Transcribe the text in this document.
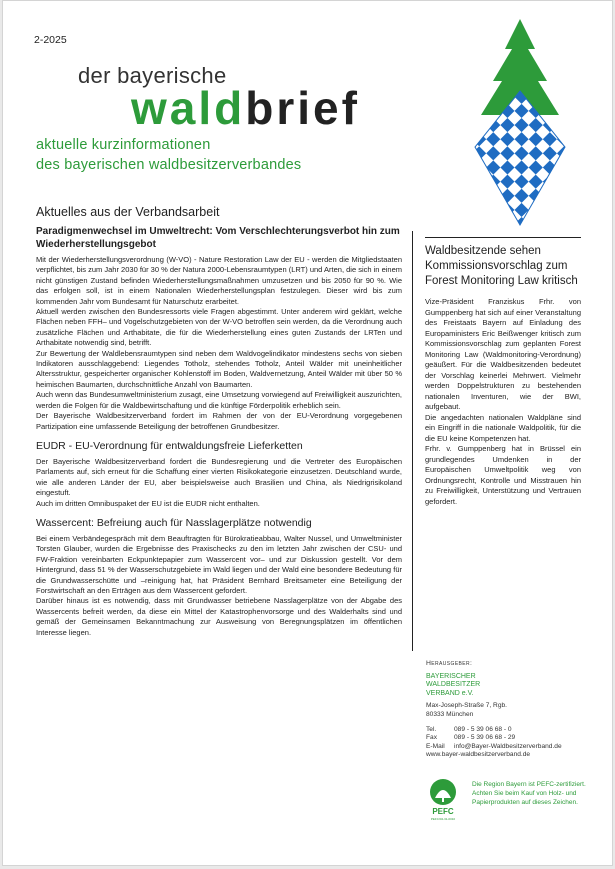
2-2025
der bayerische
waldbrief
aktuelle kurzinformationen
des bayerischen waldbesitzerverbandes
Aktuelles aus der Verbandsarbeit
Paradigmenwechsel im Umweltrecht: Vom Verschlechterungsverbot hin zum Wiederherstellungsgebot

Mit der Wiederherstellungsverordnung (W-VO) - Nature Restoration Law der EU - werden die Mitgliedstaaten verpflichtet, bis zum Jahr 2030 für 30 % der Natura 2000-Lebensraumtypen (LRT) und Arten, die sich in einem nicht günstigen Zustand befinden Wiederherstellungsmaßnahmen umzusetzen und bis 2050 für 90 %. Wie das erfolgen soll, ist in einem Nationalen Wiederherstellungsplan festzulegen. Dieser wird bis zum kommenden Jahr vom Bundesamt für Naturschutz erarbeitet.

Aktuell werden zwischen den Bundesressorts viele Fragen abgestimmt. Unter anderem wird geklärt, welche Flächen neben FFH– und Vogelschutzgebieten von der W-VO betroffen sein werden, da die Verordnung auch zusätzliche Flächen und Arthabitate, die für die Wiederherstellung eines guten Zustands der LRTen und Arthabitate notwendig sind, betrifft.

Zur Bewertung der Waldlebensraumtypen sind neben dem Waldvogelindikator mindestens sechs von sieben Indikatoren ausschlaggebend: Liegendes Totholz, stehendes Totholz, Anteil Wälder mit uneinheitlicher Altersstruktur, gespeicherter organischer Kohlenstoff im Boden, Waldvernetzung, Anteil Wälder mit über 50 % heimischen Baumarten, durchschnittliche Anzahl von Baumarten.

Auch wenn das Bundesumweltministerium zusagt, eine Umsetzung vorwiegend auf Freiwilligkeit auszurichten, werden die Folgen für die Waldbewirtschaftung und die künftige Förderpolitik erheblich sein.

Der Bayerische Waldbesitzerverband fordert im Rahmen der von der EU-Verordnung vorgegebenen Partizipation eine umfassende Beteiligung der betroffenen Grundbesitzer.

EUDR - EU-Verordnung für entwaldungsfreie Lieferketten

Der Bayerische Waldbesitzerverband fordert die Bundesregierung und die Vertreter des Europäischen Parlaments auf, sich erneut für die Schaffung einer vierten Risikokategorie einzusetzen. Deutschland wurde, wie alle anderen Länder der EU, aber beispielsweise auch Brasilien und China, als Niedrigrisikoland eingestuft.

Auch im dritten Omnibuspaket der EU ist die EUDR nicht enthalten.

Wassercent: Befreiung auch für Nasslagerplätze notwendig

Bei einem Verbändegespräch mit dem Beauftragten für Bürokratieabbau, Walter Nussel, und Umweltminister Torsten Glauber, wurden die Ergebnisse des Praxischecks zu den im letzten Jahr zwischen der CSU- und FW-Fraktion vereinbarten Eckpunktepapier zum Wassercent vor– und zur Diskussion gestellt. Vor dem Hintergrund, dass 51 % der Wasserschutzgebiete im Wald liegen und der Wald eine besondere Bedeutung für die Grundwasserschütte und –reinigung hat, hat Präsident Bernhard Breitsameter eine Beteiligung der Forstwirtschaft an den Erträgen aus dem Wassercent gefordert.

Darüber hinaus ist es notwendig, dass mit Grundwasser betriebene Nasslagerplätze von der Abgabe des Wassercents befreit werden, da diese ein Mittel der Katastrophenvorsorge und des Walderhalts sind und gemäß der Gemeinsamen Bekanntmachung zur Ausweisung von Beregnungsplätzen im öffentlichen Interesse liegen.

Waldbesitzende sehen Kommissionsvorschlag zum Forest Monitoring Law kritisch

Vize-Präsident Franziskus Frhr. von Gumppenberg hat sich auf einer Veranstaltung des Freistaats Bayern auf Einladung des Europaministers Eric Beißwenger kritisch zum Kommissionsvorschlag zum geplanten Forest Monitoring Law (Waldmonitoring-Verordnung) geäußert. Für die Waldbesitzenden bedeutet der Vorschlag keinerlei Mehrwert. Vielmehr werden Doppelstrukturen zu bestehenden nationalen Inventuren, wie der BWI, aufgebaut.

Die angedachten nationalen Waldpläne sind ein Eingriff in die nationale Waldpolitik, für die die EU keine Kompetenzen hat.

Frhr. v. Gumppenberg hat in Brüssel ein grundlegendes Umdenken in der Europäischen Umweltpolitik weg von Ordnungsrecht, Kontrolle und Misstrauen hin zu Freiwilligkeit, Unterstützung und Vertrauen gefordert.

Herausgeber:
BAYERISCHER
WALDBESITZER
VERBAND e.V.
Max-Joseph-Straße 7, Rgb.
80333 München
Tel.	089 - 5 39 06 68 - 0
Fax	089 - 5 39 06 68 - 29
E-Mail	info@Bayer-Waldbesitzerverband.de
www.bayer-waldbesitzerverband.de
PEFC
PEFC/04-31-0010
Die Region Bayern ist PEFC-zertifiziert. Achten Sie beim Kauf von Holz- und Papierprodukten auf dieses Zeichen.
